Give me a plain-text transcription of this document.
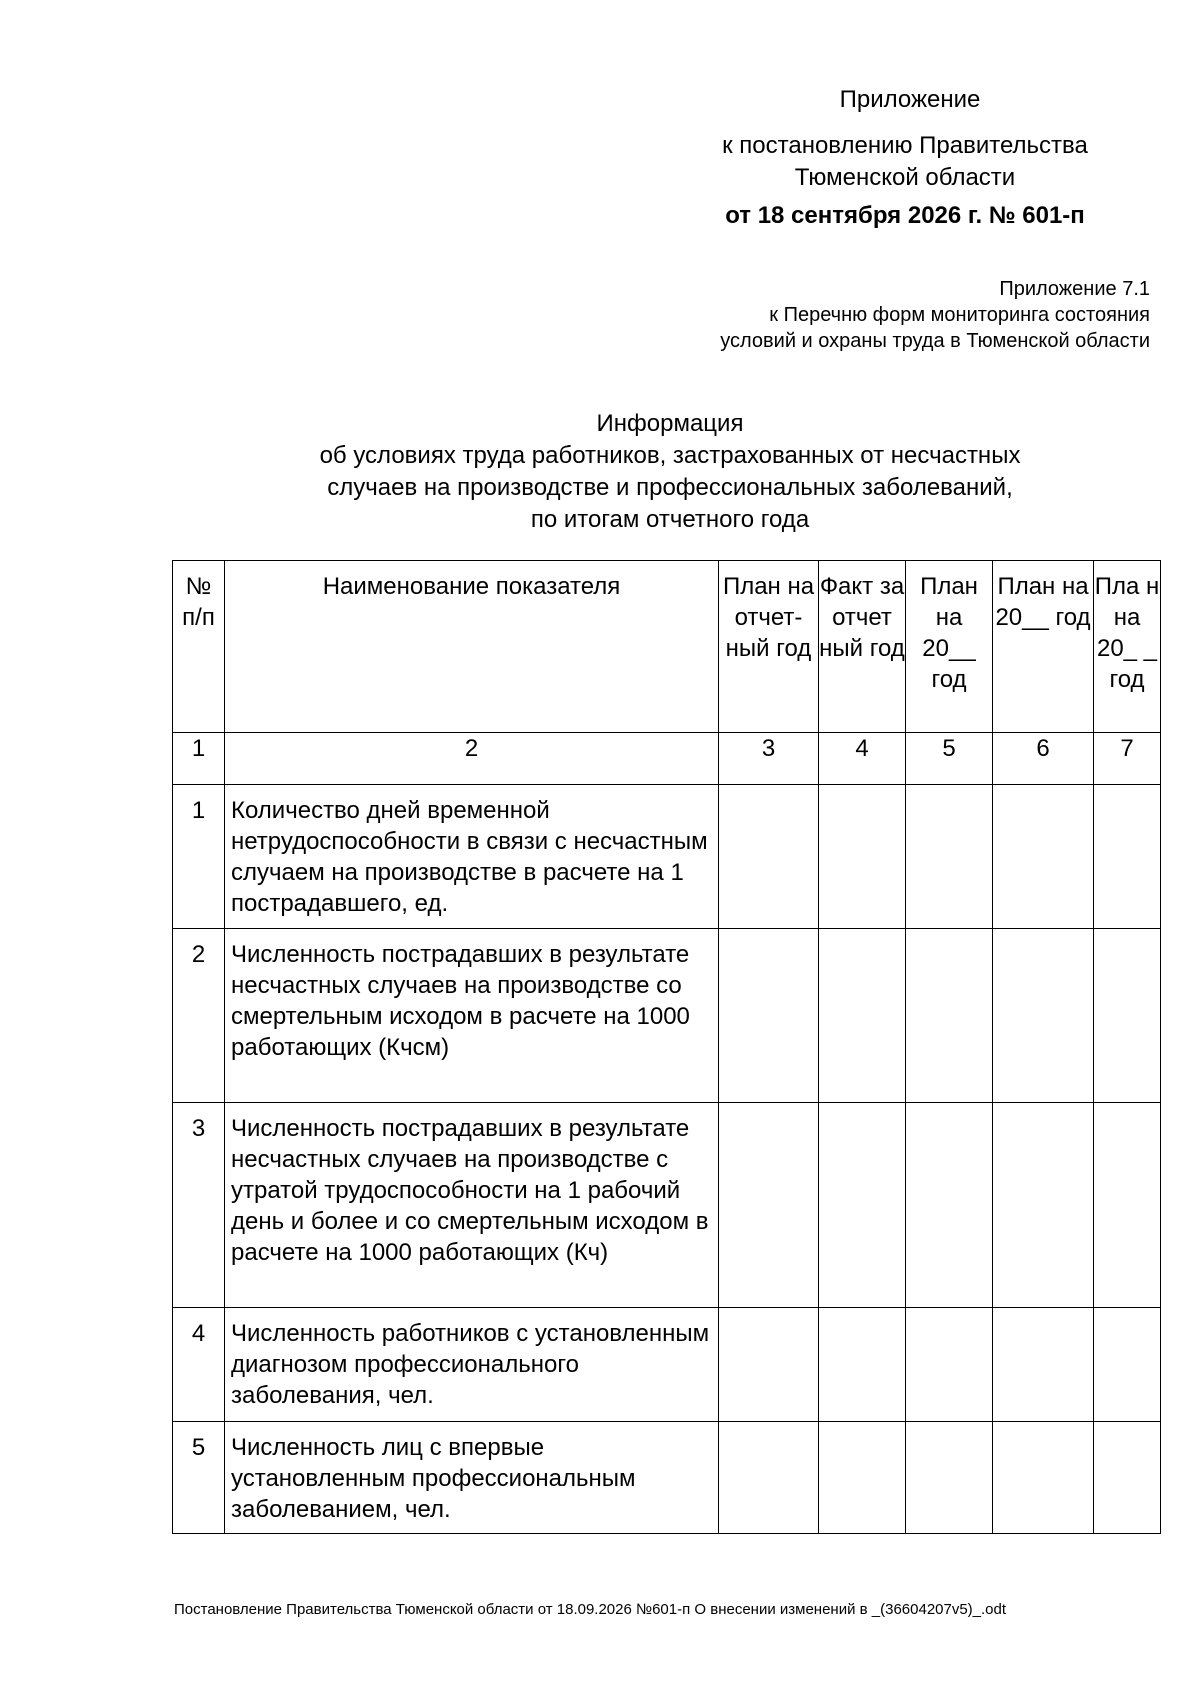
Приложение
к постановлению Правительства Тюменской области
от 18 сентября 2026 г. № 601-п
Приложение 7.1
к Перечню форм мониторинга состояния
условий и охраны труда в Тюменской области
Информация
об условиях труда работников, застрахованных от несчастных
случаев на производстве и профессиональных заболеваний,
по итогам отчетного года
№ п/п	Наименование показателя	План на отчет-ный год	Факт за отчет ный год	План на 20__ год	План на 20__ год	Пла н на 20_ _ год
1	2	3	4	5	6	7
1	Количество дней временной нетрудоспособности в связи с несчастным случаем на производстве в расчете на 1 пострадавшего, ед.					
2	Численность пострадавших в результате несчастных случаев на производстве со смертельным исходом в расчете на 1000 работающих (Кчсм)					
3	Численность пострадавших в результате несчастных случаев на производстве с утратой трудоспособности на 1 рабочий день и более и со смертельным исходом в расчете на 1000 работающих (Кч)					
4	Численность работников с установленным диагнозом профессионального заболевания, чел.					
5	Численность лиц с впервые установленным профессиональным заболеванием, чел.					
Постановление Правительства Тюменской области от 18.09.2026 №601-п О внесении изменений в _(36604207v5)_.odt
